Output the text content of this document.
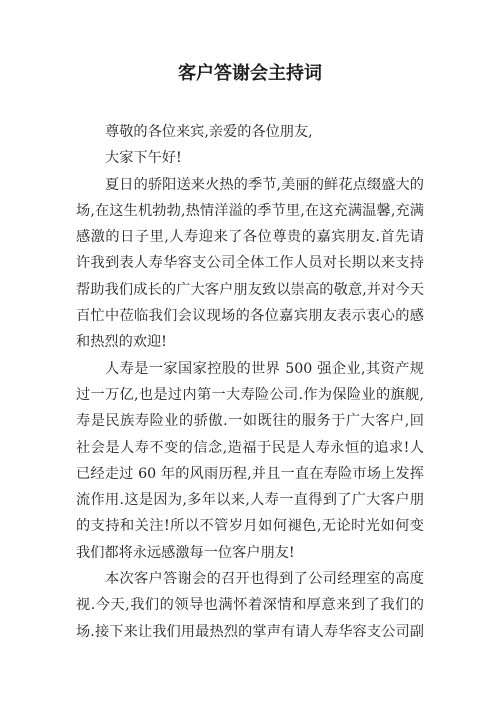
客户答谢会主持词
尊敬的各位来宾,亲爱的各位朋友,
大家下午好!
夏日的骄阳送来火热的季节,美丽的鲜花点缀盛大的
场,在这生机勃勃,热情洋溢的季节里,在这充满温馨,充满
感激的日子里,人寿迎来了各位尊贵的嘉宾朋友.首先请
许我到表人寿华容支公司全体工作人员对长期以来支持
帮助我们成长的广大客户朋友致以崇高的敬意,并对今天
百忙中莅临我们会议现场的各位嘉宾朋友表示衷心的感
和热烈的欢迎!
人寿是一家国家控股的世界 500 强企业,其资产规
过一万亿,也是过内第一大寿险公司.作为保险业的旗舰,
寿是民族寿险业的骄傲.一如既往的服务于广大客户,回
社会是人寿不变的信念,造福于民是人寿永恒的追求!人
已经走过 60 年的风雨历程,并且一直在寿险市场上发挥
流作用.这是因为,多年以来,人寿一直得到了广大客户朋
的支持和关注!所以不管岁月如何褪色,无论时光如何变
我们都将永远感激每一位客户朋友!
本次客户答谢会的召开也得到了公司经理室的高度
视.今天,我们的领导也满怀着深情和厚意来到了我们的
场.接下来让我们用最热烈的掌声有请人寿华容支公司副
